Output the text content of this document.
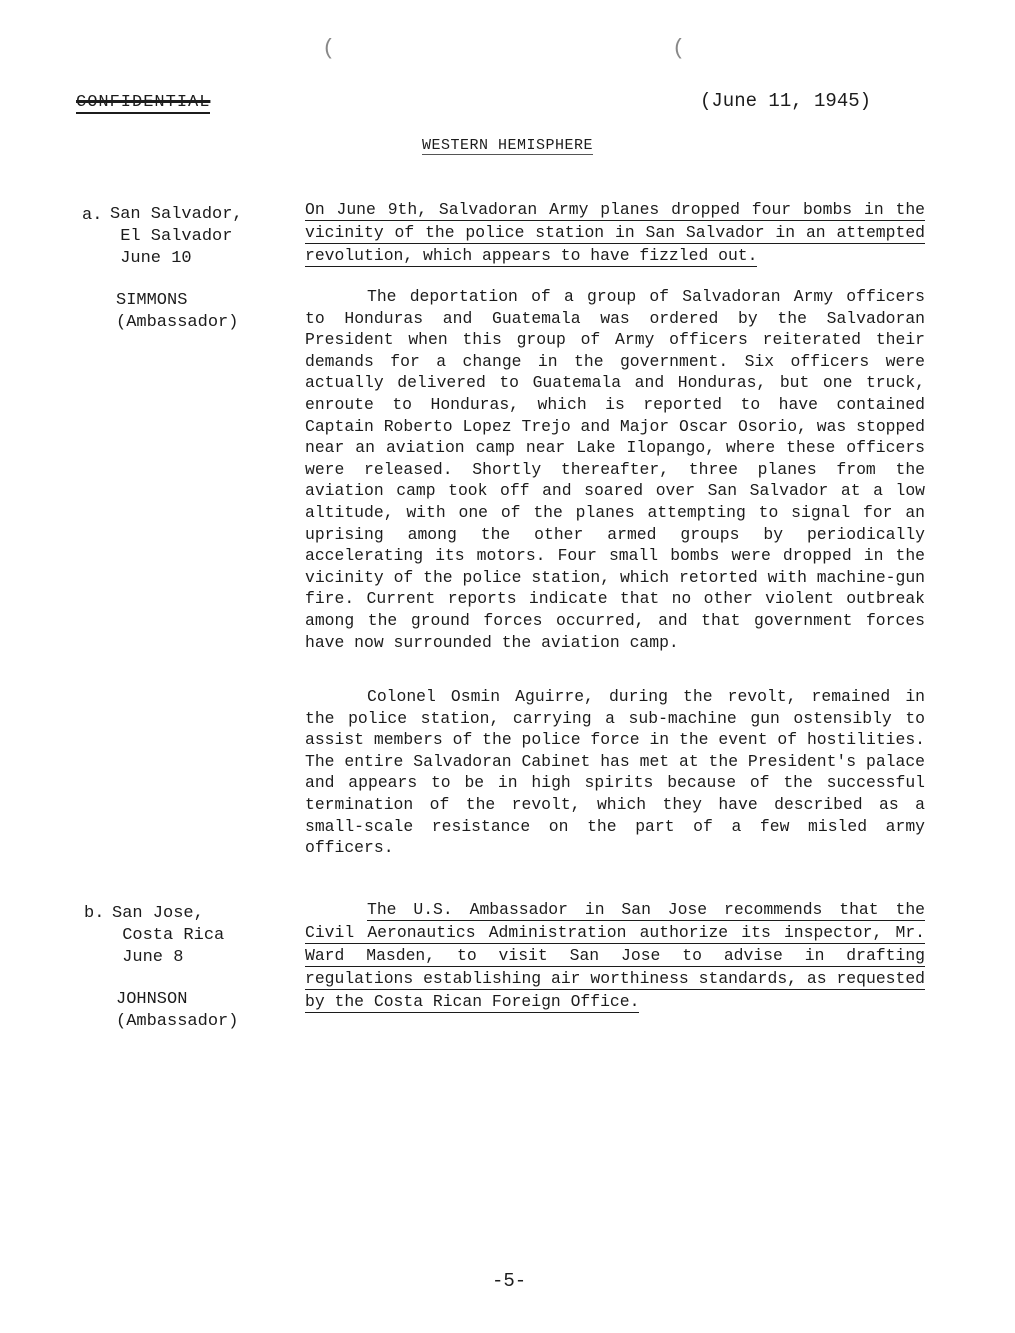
(	(
CONFIDENTIAL	(June 11, 1945)
WESTERN HEMISPHERE
a. San Salvador,
El Salvador
June 10
SIMMONS
(Ambassador)
On June 9th, Salvadoran Army planes dropped four bombs in the vicinity of the police station in San Salvador in an attempted revolution, which appears to have fizzled out.
The deportation of a group of Salvadoran Army officers to Honduras and Guatemala was ordered by the Salvadoran President when this group of Army officers reiterated their demands for a change in the government. Six officers were actually delivered to Guatemala and Honduras, but one truck, enroute to Honduras, which is reported to have contained Captain Roberto Lopez Trejo and Major Oscar Osorio, was stopped near an aviation camp near Lake Ilopango, where these officers were released. Shortly thereafter, three planes from the aviation camp took off and soared over San Salvador at a low altitude, with one of the planes attempting to signal for an uprising among the other armed groups by periodically accelerating its motors. Four small bombs were dropped in the vicinity of the police station, which retorted with machine-gun fire. Current reports indicate that no other violent outbreak among the ground forces occurred, and that government forces have now surrounded the aviation camp.
Colonel Osmin Aguirre, during the revolt, remained in the police station, carrying a sub-machine gun ostensibly to assist members of the police force in the event of hostilities. The entire Salvadoran Cabinet has met at the President's palace and appears to be in high spirits because of the successful termination of the revolt, which they have described as a small-scale resistance on the part of a few misled army officers.
b. San Jose,
Costa Rica
June 8
JOHNSON
(Ambassador)
The U.S. Ambassador in San Jose recommends that the Civil Aeronautics Administration authorize its inspector, Mr. Ward Masden, to visit San Jose to advise in drafting regulations establishing air worthiness standards, as requested by the Costa Rican Foreign Office.
-5-
